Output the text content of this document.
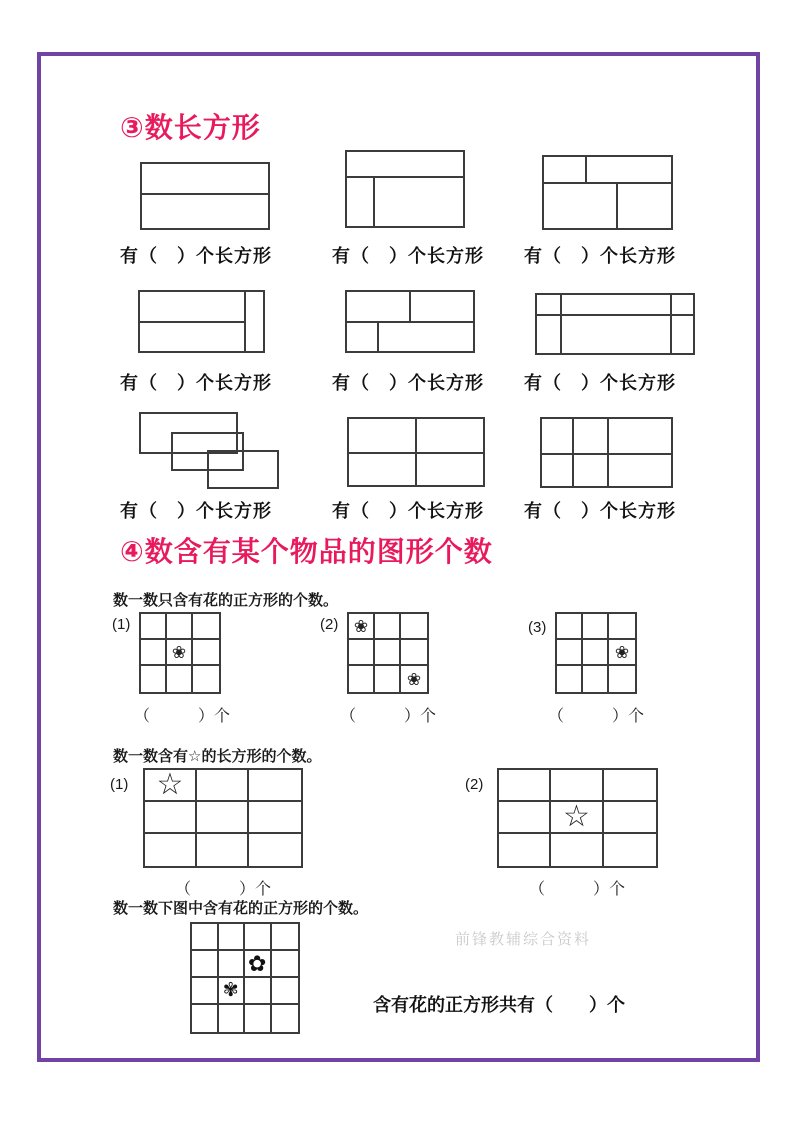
③数长方形
有（　）个长方形	有（　）个长方形 有（　）个长方形
有（　）个长方形	有（　）个长方形 有（　）个长方形
有（　）个长方形	有（　）个长方形 有（　）个长方形
④数含有某个物品的图形个数
数一数只含有花的正方形的个数。
(1)
❀
(2) ❀
❀
(3)
❀
（　　　）个	（　　　）个	（　　　）个
数一数含有☆的长方形的个数。
(1) ☆	(2)
☆
（　　　）个	（　　　）个
数一数下图中含有花的正方形的个数。
✿
✾
前锋教辅综合资料
含有花的正方形共有（　　）个
